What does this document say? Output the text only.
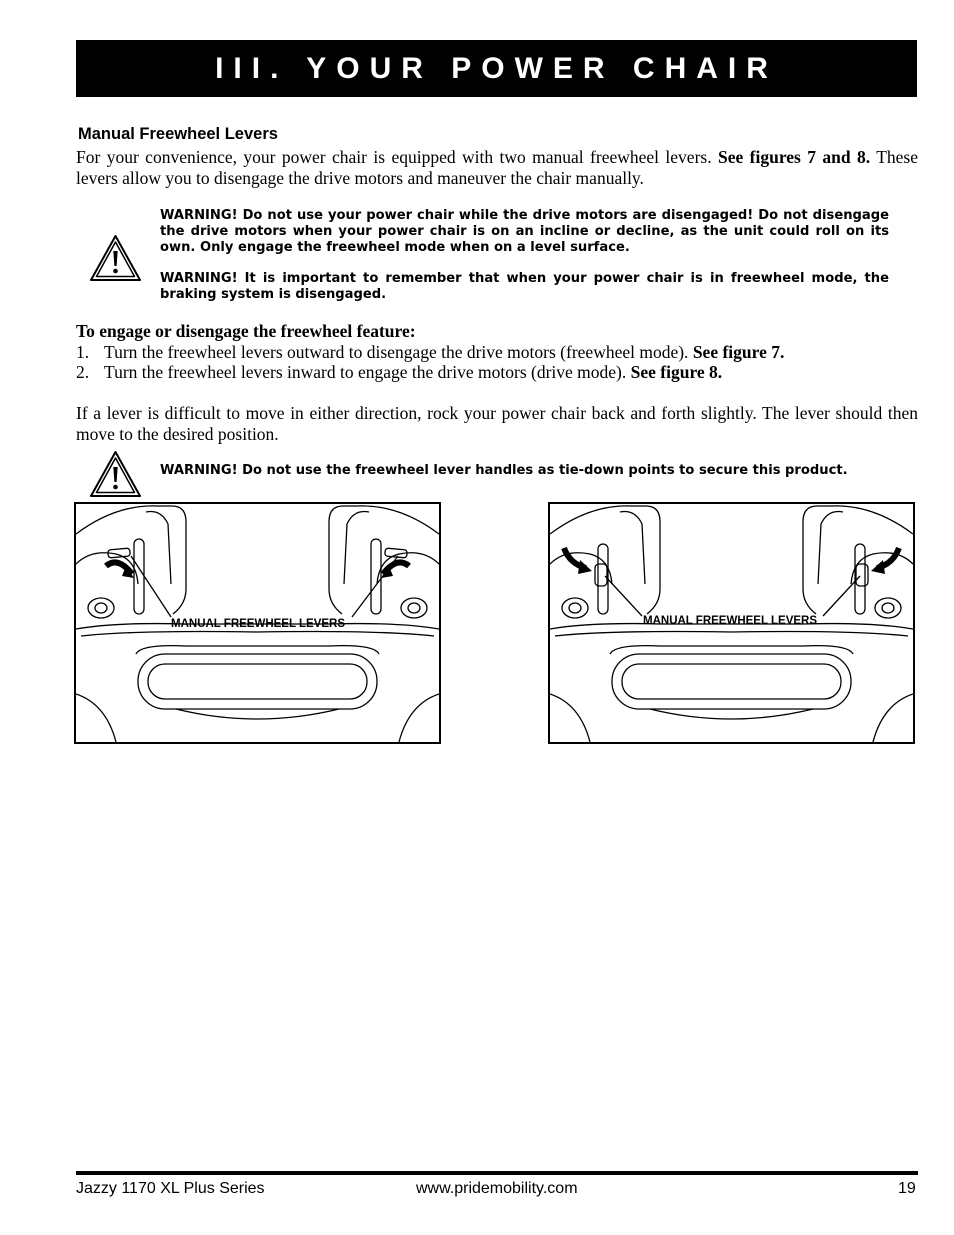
III. YOUR POWER CHAIR
Manual Freewheel Levers
For your convenience, your power chair is equipped with two manual freewheel levers. See figures 7 and 8. These levers allow you to disengage the drive motors and maneuver the chair manually.

WARNING! Do not use your power chair while the drive motors are disengaged! Do not disengage the drive motors when your power chair is on an incline or decline, as the unit could roll on its own. Only engage the freewheel mode when on a level surface.

WARNING! It is important to remember that when your power chair is in freewheel mode, the braking system is disengaged.

To engage or disengage the freewheel feature:
1. Turn the freewheel levers outward to disengage the drive motors (freewheel mode). See figure 7.
2. Turn the freewheel levers inward to engage the drive motors (drive mode). See figure 8.
If a lever is difficult to move in either direction, rock your power chair back and forth slightly. The lever should then move to the desired position.
WARNING! Do not use the freewheel lever handles as tie-down points to secure this product.
MANUAL FREEWHEEL LEVERS	MANUAL FREEWHEEL LEVERS
Jazzy 1170 XL Plus Series	www.pridemobility.com	19
